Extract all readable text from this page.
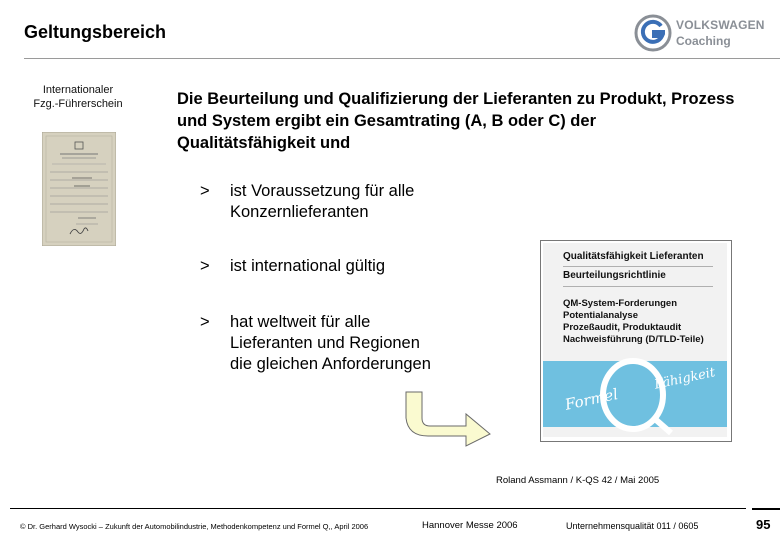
Geltungsbereich	VOLKSWAGEN
Coaching
Internationaler
Fzg.-Führerschein	Die Beurteilung und Qualifizierung der Lieferanten zu Produkt, Prozess und System ergibt ein Gesamtrating (A, B oder C) der Qualitätsfähigkeit und
> ist Voraussetzung für alle
Konzernlieferanten
> ist international gültig
> hat weltweit für alle
Lieferanten und Regionen
die gleichen Anforderungen
Qualitätsfähigkeit Lieferanten
Beurteilungsrichtlinie
QM-System-Forderungen
Potentialanalyse
Prozeßaudit, Produktaudit
Nachweisführung (D/TLD-Teile)
Formel
Fähigkeit
Roland Assmann / K-QS 42 / Mai 2005
© Dr. Gerhard Wysocki – Zukunft der Automobilindustrie, Methodenkompetenz und Formel Q,, April 2006	Hannover Messe 2006	Unternehmensqualität 011 / 0605	95
